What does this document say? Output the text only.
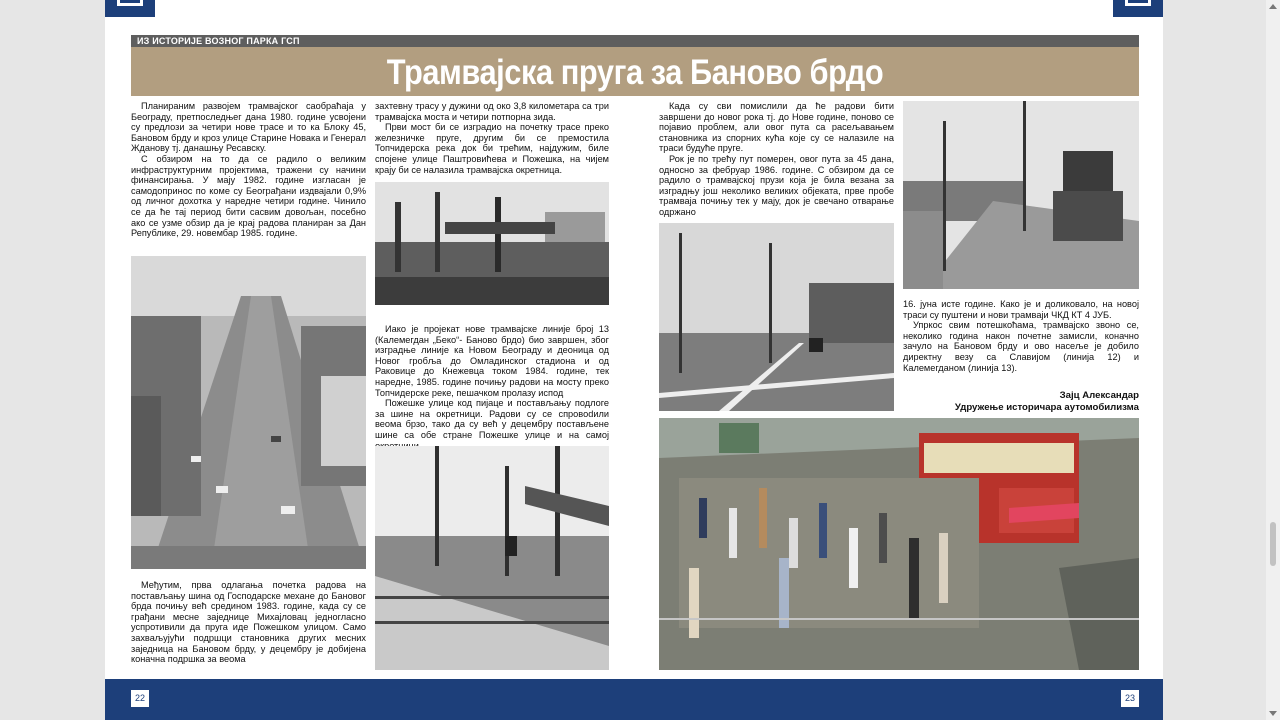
ИЗ ИСТОРИЈЕ ВОЗНОГ ПАРКА ГСП
Трамвајска пруга за Баново брдо

Планираним развојем трамвајског саобраћаја у Београду, претпоследњег дана 1980. године усвојени су предлози за четири нове трасе и то ка Блоку 45, Бановом брду и кроз улице Старине Новака и Генерал Жданову тј. данашњу Ресавску.

С обзиром на то да се радило о великим инфраструктурним пројектима, тражени су начини финансирања. У мају 1982. године изгласан је самодопринос по коме су Београђани издвајали 0,9% од личног дохотка у наредне четири године. Чинило се да ће тај период бити сасвим довољан, посебно ако се узме обзир да је крај радова планиран за Дан Републике, 29. новембар 1985. године.

Међутим, прва одлагања почетка радова на постављању шина од Господарске механе до Бановог брда почињу већ средином 1983. године, када су се грађани месне заједнице Михајловац једногласно успротивили да пруга иде Пожешком улицом. Само захваљујући подршци становника других месних заједница на Бановом брду, у децембру је добијена коначна подршка за веома

захтевну трасу у дужини од око 3,8 километара са три трамвајска моста и четири потпорна зида.

Први мост би се изградио на почетку трасе преко железничке пруге, другим би се премостила Топчидерска река док би трећим, најдужим, биле спојене улице Паштровићева и Пожешка, на чијем крају би се налазила трамвајска окретница.

Иако је пројекат нове трамвајске линије број 13 (Калемегдан „Беко“- Баново брдо) био завршен, због изградње линије ка Новом Београду и деоница од Новог гробља до Омладинског стадиона и од Раковице до Кнежевца током 1984. године, тек наредне, 1985. године почињу радови на мосту преко Топчидерске реке, пешачком пролазу испод

Пожешке улице код пијаце и постављању подлоге за шине на окретници. Радови су се спровodили веома брзо, тако да су већ у децембру постављене шине са обе стране Пожешке улице и на самој

Када су сви помислили да ће радови бити завршени до новог рока тј. до Нове године, поново се појавио проблем, али овог пута са расељавањем становника из спорних кућа које су се налазиле на траси будуће пруге.

Рок је по трећу пут померен, овог пута за 45 дана, односно за фебруар 1986. године. С обзиром да се радило о трамвајској прузи која је била везана за изградњу још неколико великих објеката, прве пробе трамваја почињу тек у мају, док је свечано отварање одржано

16. јуна исте године. Како је и доликовало, на новој траси су пуштени и нови трамваји ЧКД КТ 4 ЈУБ.

Упркос свим потешкоћама, трамвајско звоно се, неколико година након почетне замисли, коначно зачуло на Бановом брду и ово насеље је добило директну везу са Славијом (линија 12) и Калемегданом (линија 13).

Зајц Александар
Удружење историчара аутомобилизма
22	23
